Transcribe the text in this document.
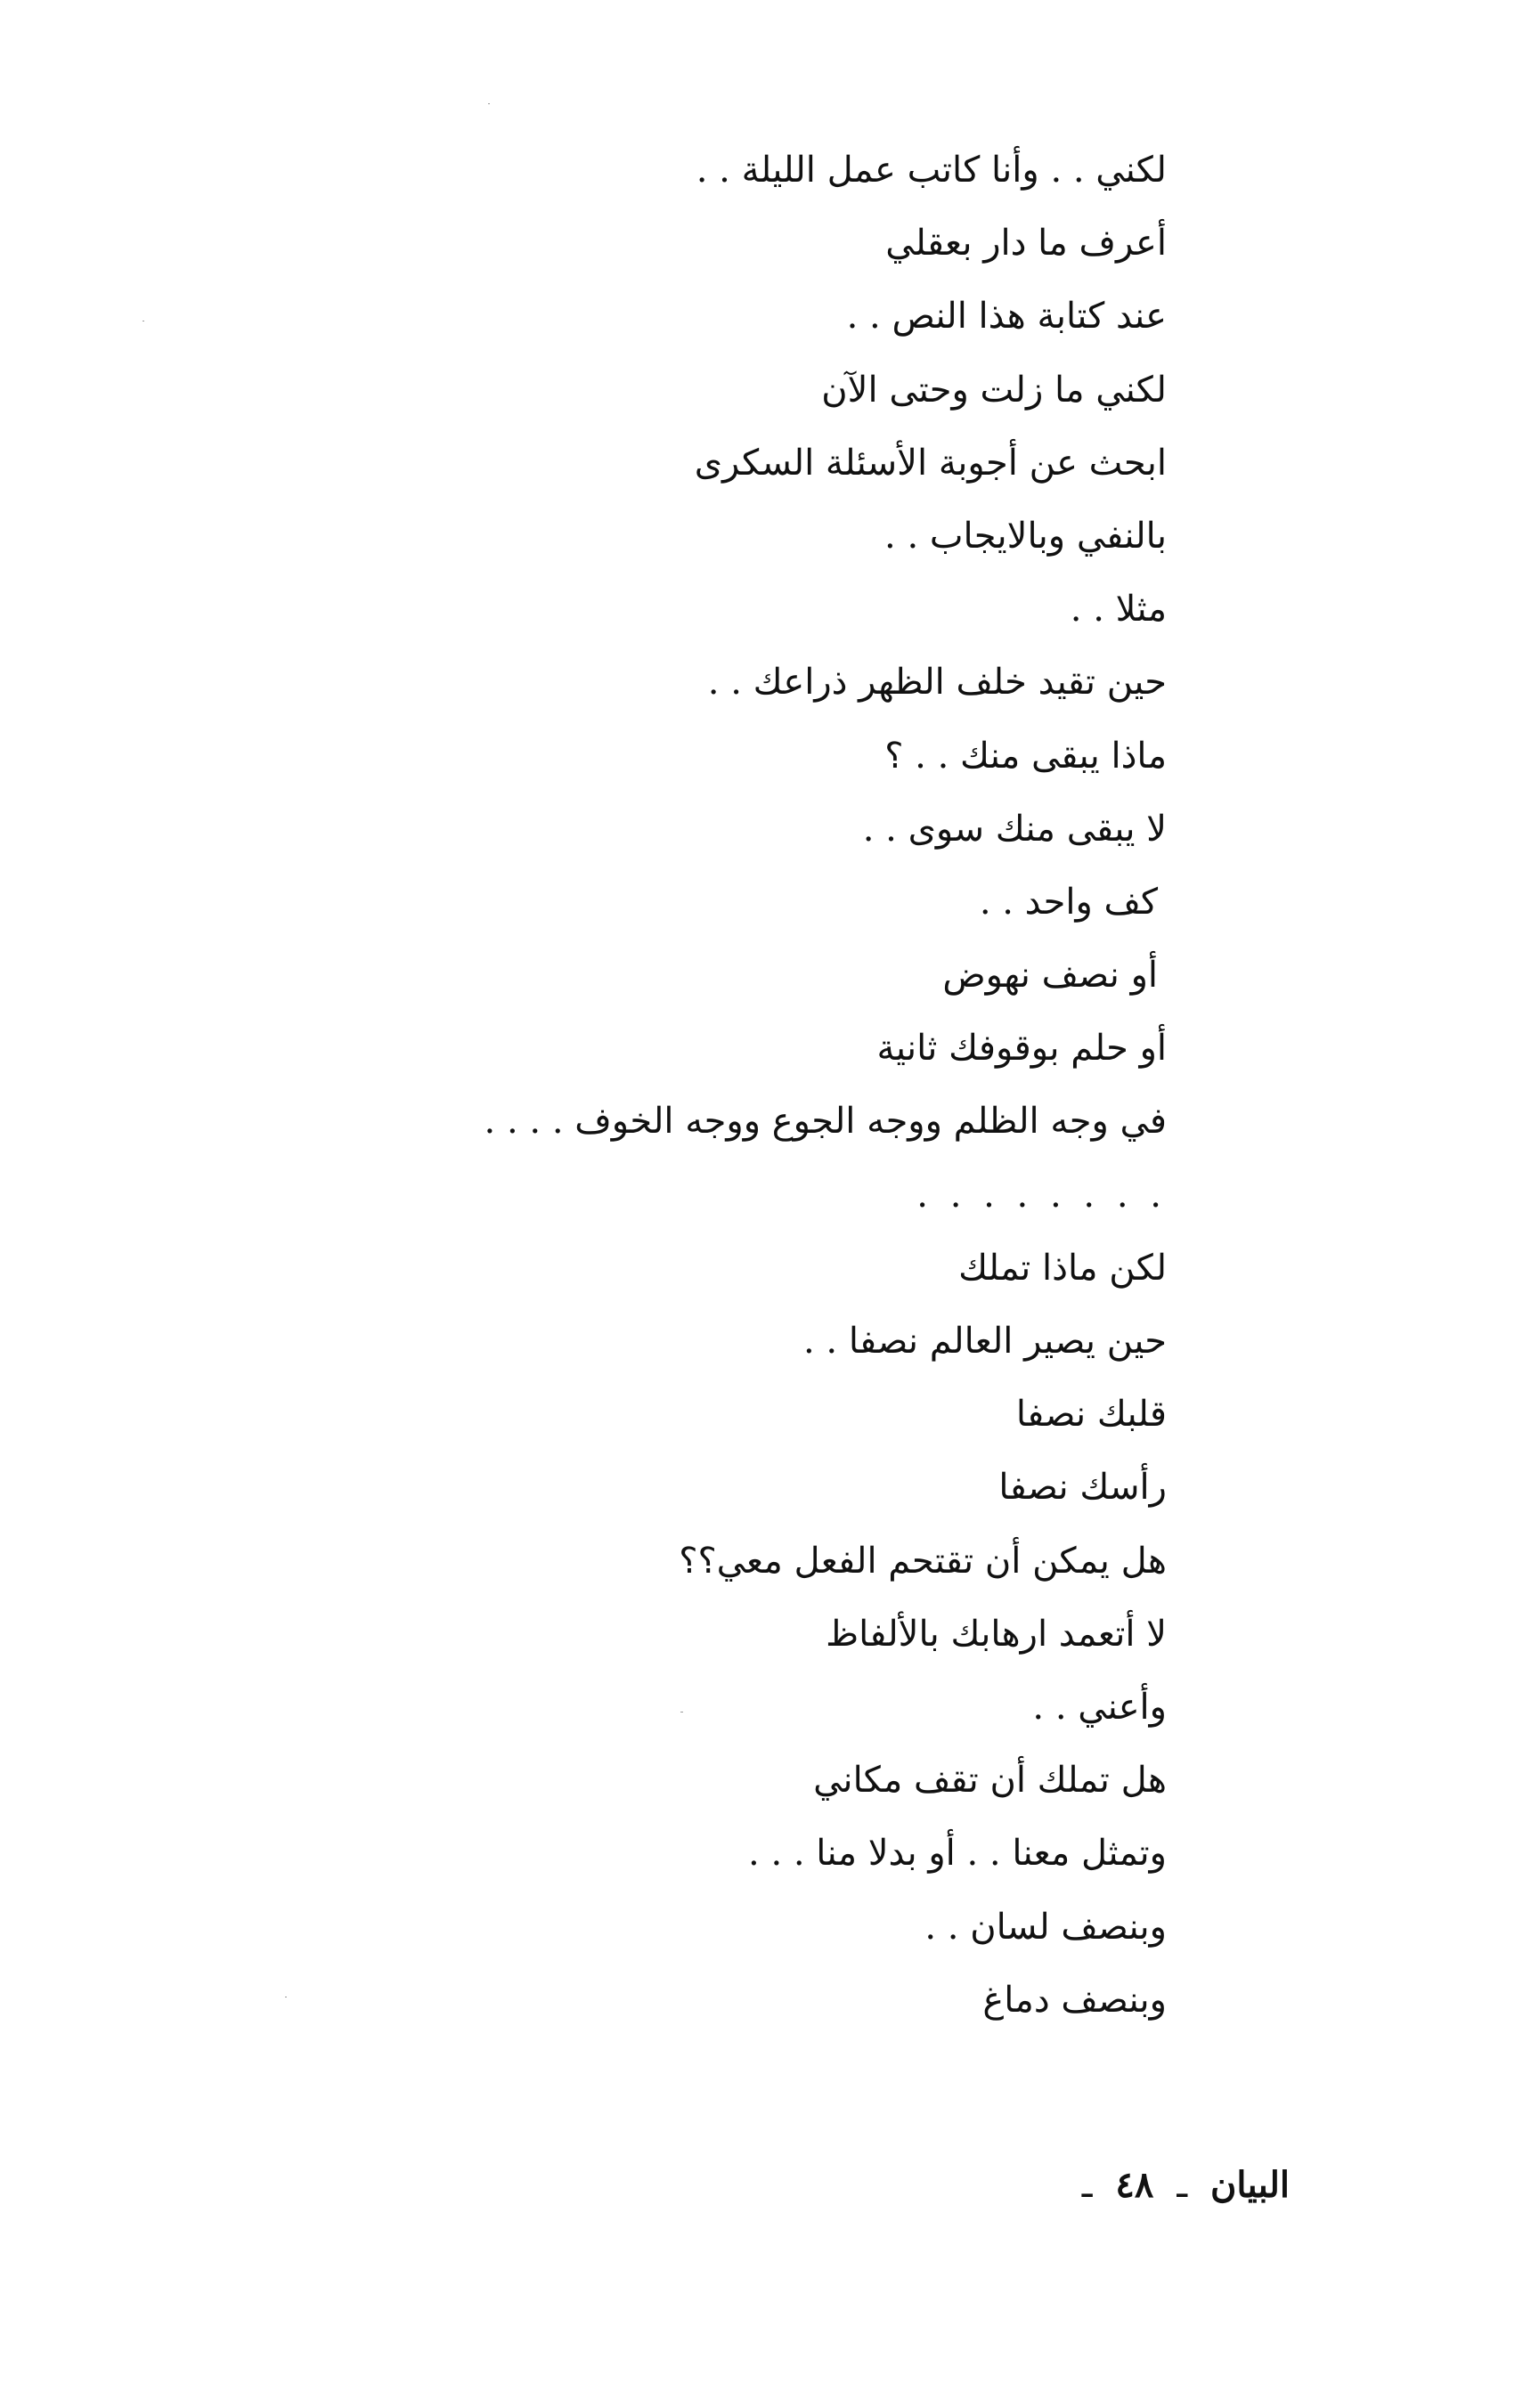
لكني . . وأنا كاتب عمل الليلة . .
أعرف ما دار بعقلي
عند كتابة هذا النص . .
لكني ما زلت وحتى الآن
ابحث عن أجوبة الأسئلة السكرى
بالنفي وبالايجاب . .
مثلا . .
حين تقيد خلف الظهر ذراعك . .
ماذا يبقى منك . . ؟
لا يبقى منك سوى . .
كف واحد . .
أو نصف نهوض
أو حلم بوقوفك ثانية
في وجه الظلم ووجه الجوع ووجه الخوف . . . .
. . . . . . . .
لكن ماذا تملك
حين يصير العالم نصفا . .
قلبك نصفا
رأسك نصفا
هل يمكن أن تقتحم الفعل معي؟؟
لا أتعمد ارهابك بالألفاظ
وأعني . .
هل تملك أن تقف مكاني
وتمثل معنا . . أو بدلا منا . . .
وبنصف لسان . .
وبنصف دماغ
البيان ـ ٤٨ ـ
